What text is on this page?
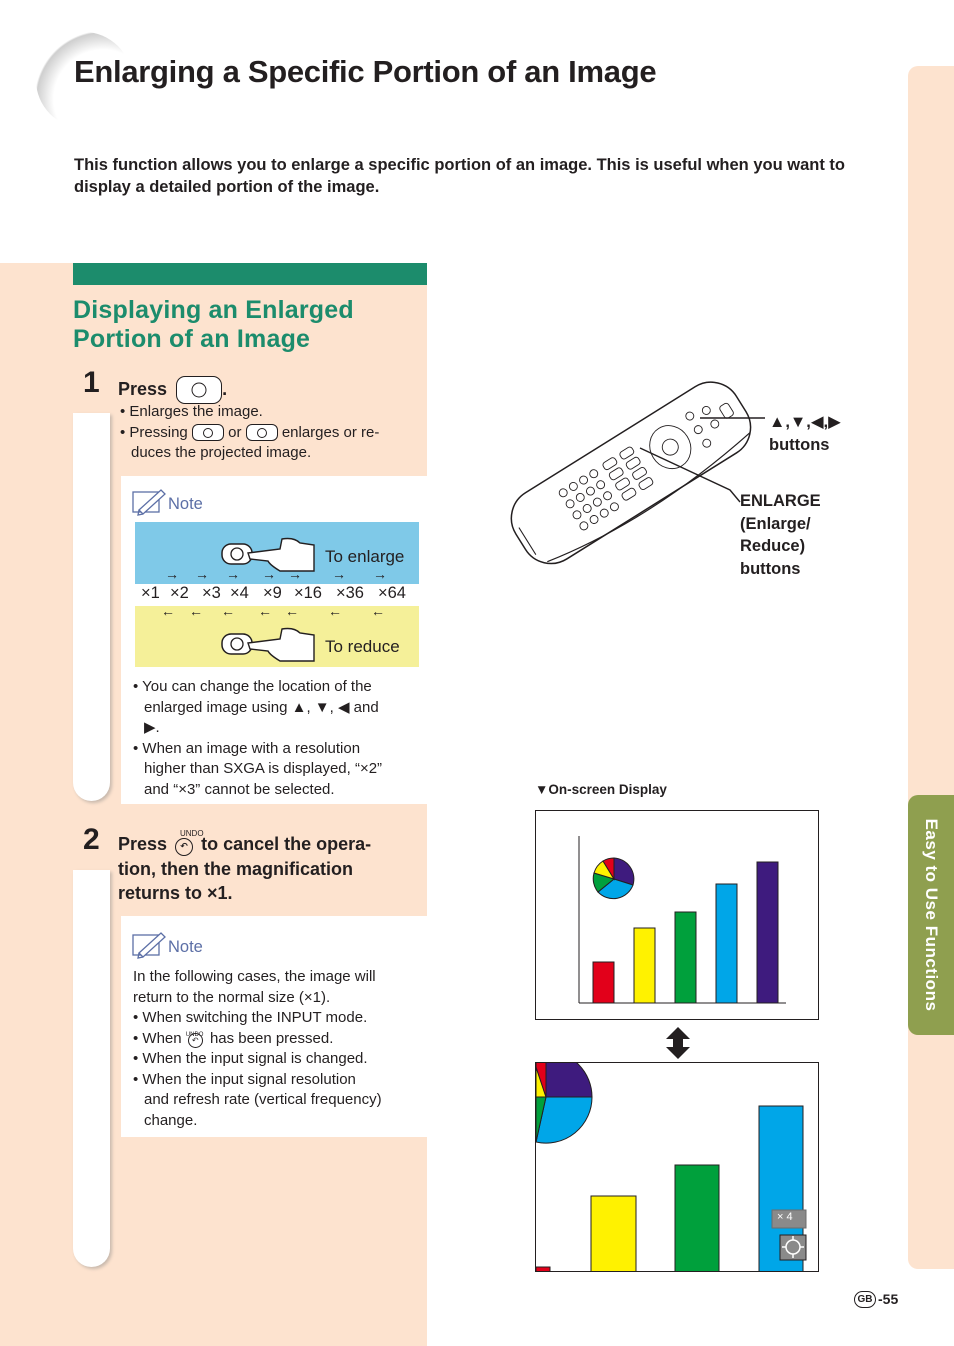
Enlarging a Specific Portion of an Image
This function allows you to enlarge a specific portion of an image. This is useful when you want to display a detailed portion of the image.
Displaying an Enlarged
Portion of an Image
1 Press	.
• Enlarges the image.
• Pressing	or	enlarges or re-
duces the projected image.
Note
To enlarge
To reduce
→ → → → → → →
×1 ×2 ×3 ×4 ×9 ×16 ×36 ×64
← ← ← ← ← ← ←
• You can change the location of the
enlarged image using ▲, ▼, ◀ and
▶.
• When an image with a resolution
higher than SXGA is displayed, “×2”
and “×3” cannot be selected.
2 Press	↶ to cancel the opera-
UNDO
tion, then the magnification
returns to ×1.
Note
In the following cases, the image will
return to the normal size (×1).
• When switching the INPUT mode.
• When UNDO
↶ has been pressed.
• When the input signal is changed.
• When the input signal resolution
and refresh rate (vertical frequency)
change.
▲,▼,◀,▶
buttons
ENLARGE
(Enlarge/
Reduce)
buttons
▼On-screen Display
× 4
Easy to Use Functions
GB -55
